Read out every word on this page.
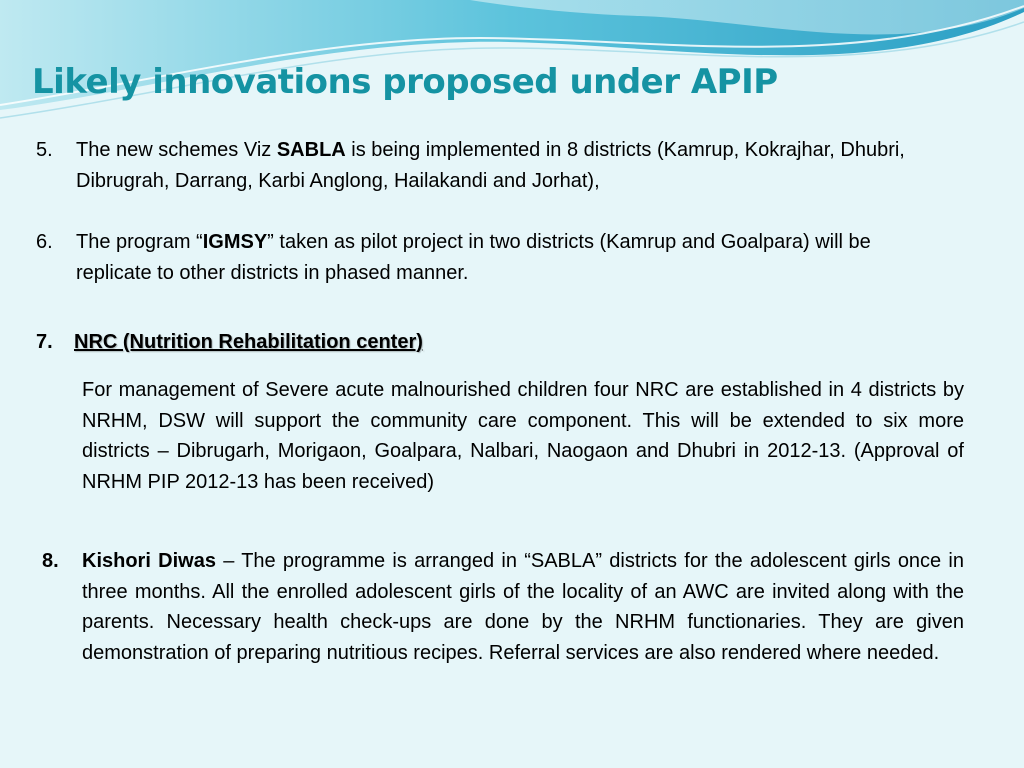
Likely innovations proposed under APIP
5. The new schemes Viz SABLA is being implemented in 8 districts (Kamrup, Kokrajhar, Dhubri, Dibrugrah, Darrang, Karbi Anglong, Hailakandi and Jorhat),
6. The program “IGMSY” taken as pilot project in two districts (Kamrup and Goalpara) will be replicate to other districts in phased manner.
7. NRC (Nutrition Rehabilitation center)
For management of Severe acute malnourished children four NRC are established in 4 districts by NRHM, DSW will support the community care component. This will be extended to six more districts – Dibrugarh, Morigaon, Goalpara, Nalbari, Naogaon and Dhubri in 2012-13. (Approval of NRHM PIP 2012-13 has been received)
8. Kishori Diwas – The programme is arranged in “SABLA” districts for the adolescent girls once in three months. All the enrolled adolescent girls of the locality of an AWC are invited along with the parents. Necessary health check-ups are done by the NRHM functionaries. They are given demonstration of preparing nutritious recipes. Referral services are also rendered where needed.
